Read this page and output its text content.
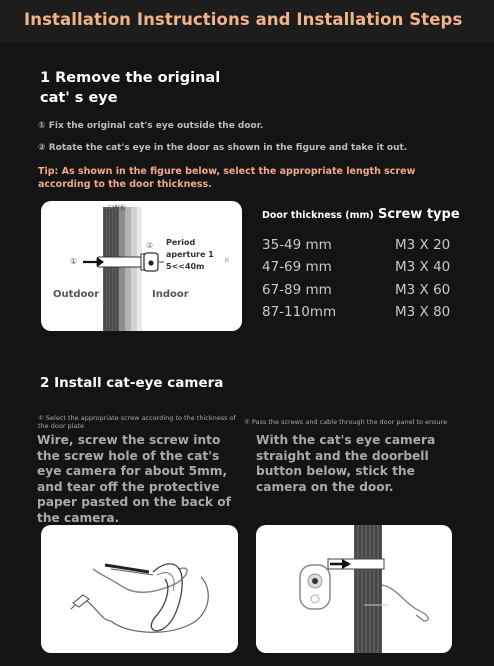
Installation Instructions and Installation Steps
1 Remove the original cat' s eye
① Fix the original cat's eye outside the door.
② Rotate the cat's eye in the door as shown in the figure and take it out.
Tip: As shown in the figure below, select the appropriate length screw according to the door thickness.
门框板
①
② Period aperture 1 5<<40m
n
Outdoor	Indoor
Door thickness (mm) Screw type
35-49 mm	M3 X 20
47-69 mm	M3 X 40
67-89 mm	M3 X 60
87-110mm	M3 X 80
2 Install cat-eye camera
① Select the appropriate screw according to the thickness of the door plate
Wire, screw the screw into the screw hole of the cat's eye camera for about 5mm, and tear off the protective paper pasted on the back of the camera.
② Pass the screws and cable through the door panel to ensure
With the cat's eye camera straight and the doorbell button below, stick the camera on the door.
